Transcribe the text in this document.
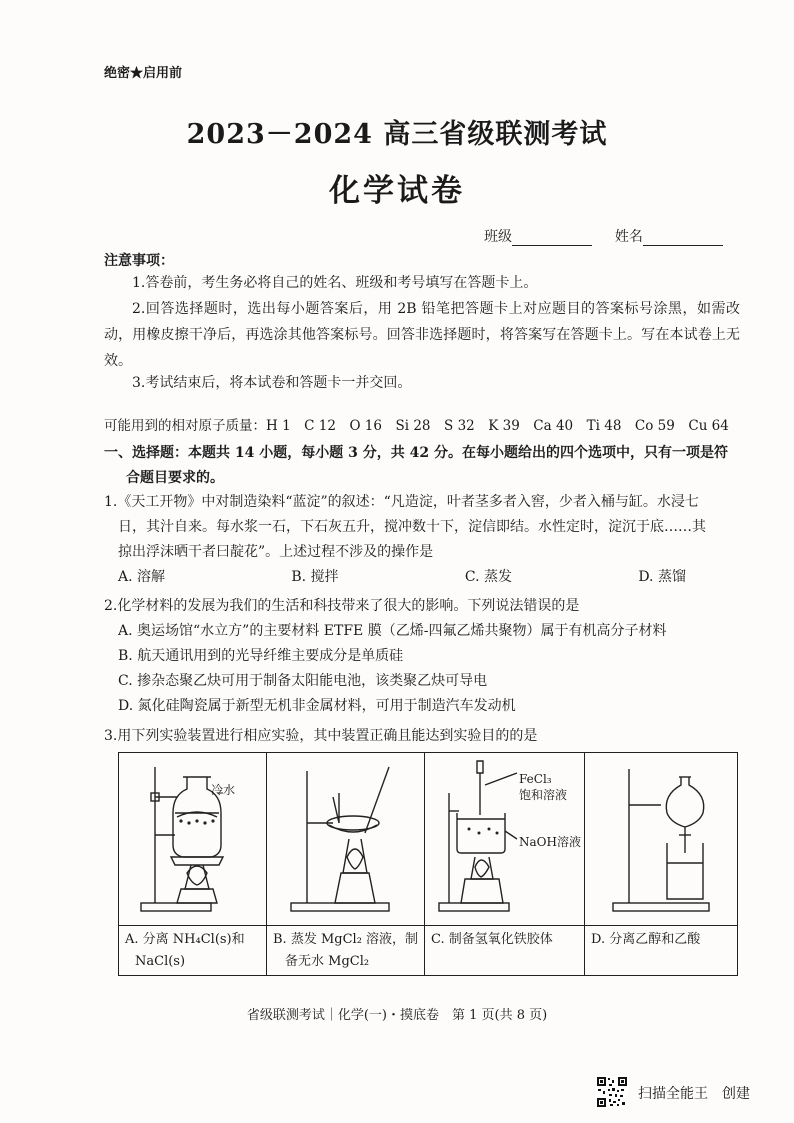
绝密★启用前
2023－2024 高三省级联测考试
化学试卷
班级	姓名
注意事项：

1.答卷前，考生务必将自己的姓名、班级和考号填写在答题卡上。

2.回答选择题时，选出每小题答案后，用 2B 铅笔把答题卡上对应题目的答案标号涂黑，如需改动，用橡皮擦干净后，再选涂其他答案标号。回答非选择题时，将答案写在答题卡上。写在本试卷上无效。

3.考试结束后，将本试卷和答题卡一并交回。

可能用到的相对原子质量：H 1　C 12　O 16　Si 28　S 32　K 39　Ca 40　Ti 48　Co 59　Cu 64
一、选择题：本题共 14 小题，每小题 3 分，共 42 分。在每小题给出的四个选项中，只有一项是符
合题目要求的。

1.《天工开物》中对制造染料“蓝淀”的叙述：“凡造淀，叶者茎多者入窖，少者入桶与缸。水浸七

日，其汁自来。每水浆一石，下石灰五升，搅冲数十下，淀信即结。水性定时，淀沉于底……其

掠出浮沫晒干者曰靛花”。上述过程不涉及的操作是

A. 溶解	B. 搅拌	C. 蒸发	D. 蒸馏

2.化学材料的发展为我们的生活和科技带来了很大的影响。下列说法错误的是

A. 奥运场馆“水立方”的主要材料 ETFE 膜（乙烯-四氟乙烯共聚物）属于有机高分子材料

B. 航天通讯用到的光导纤维主要成分是单质硅

C. 掺杂态聚乙炔可用于制备太阳能电池，该类聚乙炔可导电

D. 氮化硅陶瓷属于新型无机非金属材料，可用于制造汽车发动机

3.用下列实验装置进行相应实验，其中装置正确且能达到实验目的的是

冷水
A. 分离 NH₄Cl(s)和
NaCl(s)
B. 蒸发 MgCl₂ 溶液，制
备无水 MgCl₂
FeCl₃
饱和溶液
NaOH溶液
C. 制备氢氧化铁胶体	D. 分离乙醇和乙酸
省级联测考试｜化学(一)・摸底卷　第 1 页(共 8 页)
扫描全能王　创建
